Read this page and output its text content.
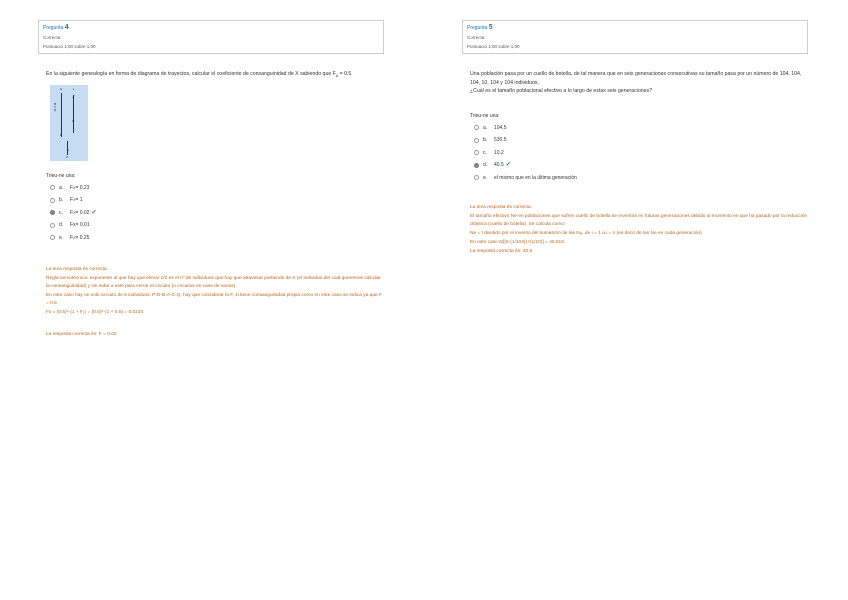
Pregunta 4
Correcta
Puntuació 1,00 sobre 1,00
En la siguiente genealogía en forma de diagrama de trayectos, calcular el coeficiente de consanguinidad de X sabiendo que $F_A = 0.5$
A	↓
B C D	↓
Q
P
↓
X
Trieu-ne una:
a.	F X = 0.23
b.	F X = 1
c.	F X = 0.02 ✔
d.	Fx = 0.01
e.	F X = 0.25

La teva resposta és correcta.

Regla nemotécnica: exponente al que hay que elevar 1/2 es el nº de individuos que hay que atravesar partiendo de X (el individuo del cual queremos calcular la consanguinidad) y sin indar a este para cerrar el circuito (o circuitos en caso de varios)

En este caso hay un solo circuito de 6 individuos: P-D-B-A-C-Q, hay que considerar la F, si tiene consanguinidad propia como en este caso se indica ya que F = 0.5

Fx = (0.5)⁶·(1 + F₁) = (0.5)⁶·(1 + 0.5) = 0.0234

La resposta correcta és: F = 0.02

Pregunta 5
Correcta
Puntuació 1,00 sobre 1,00

Una población pasa por un cuello de botella, de tal manera que en seis generaciones consecutivas su tamaño pasa por un número de 104, 104, 104, 10, 104 y 104 individuos.

¿Cuál es el tamaño poblacional efectivo a lo largo de estas seis generaciones?

Trieu-ne una:
a.	104.5
b.	530.5
c.	10.2
d.	40.5 ✔
e.	el mismo que en la última generación

La teva resposta és correcta.

El tamaño efectivo Ne en poblaciones que sufren cuello de botella se reventirá en futuras generaciones debido al momento en que ha pasado por la reducción drástica (cuello de botella). Se calcula como:

Ne = t dividido por el inverso del sumatorio de las Nₑᵢ, de i = 1 a i = n (es decir de las Ne en cada generación)

En este caso 6/[(5·(1/104))+(1/10)] = 40.519

La resposta correcta és: 40.5
